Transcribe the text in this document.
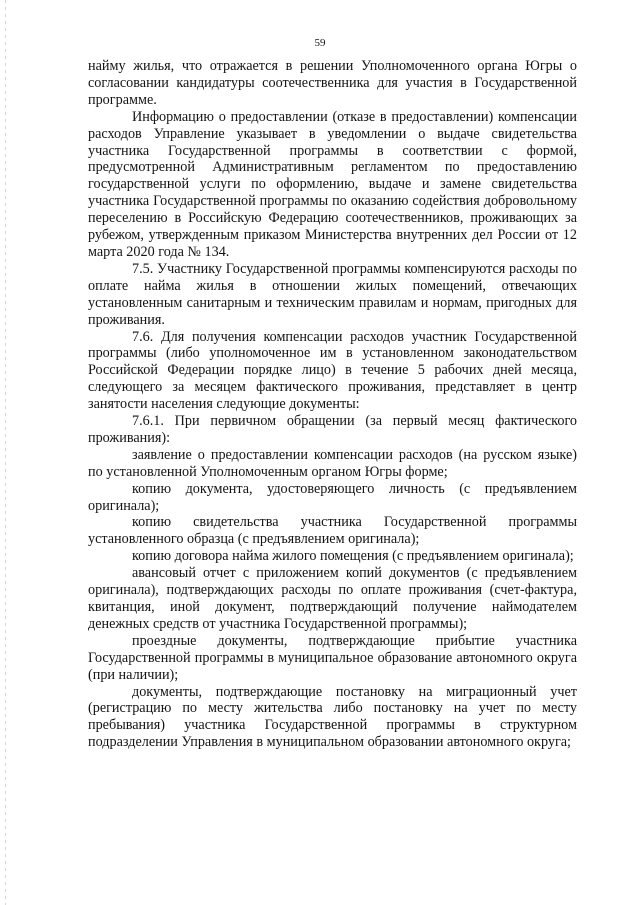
59

найму жилья, что отражается в решении Уполномоченного органа Югры о согласовании кандидатуры соотечественника для участия в Государственной программе.

Информацию о предоставлении (отказе в предоставлении) компенсации расходов Управление указывает в уведомлении о выдаче свидетельства участника Государственной программы в соответствии с формой, предусмотренной Административным регламентом по предоставлению государственной услуги по оформлению, выдаче и замене свидетельства участника Государственной программы по оказанию содействия добровольному переселению в Российскую Федерацию соотечественников, проживающих за рубежом, утвержденным приказом Министерства внутренних дел России от 12 марта 2020 года № 134.

7.5. Участнику Государственной программы компенсируются расходы по оплате найма жилья в отношении жилых помещений, отвечающих установленным санитарным и техническим правилам и нормам, пригодных для проживания.

7.6. Для получения компенсации расходов участник Государственной программы (либо уполномоченное им в установленном законодательством Российской Федерации порядке лицо) в течение 5 рабочих дней месяца, следующего за месяцем фактического проживания, представляет в центр занятости населения следующие документы:

7.6.1. При первичном обращении (за первый месяц фактического проживания):

заявление о предоставлении компенсации расходов (на русском языке) по установленной Уполномоченным органом Югры форме;

копию документа, удостоверяющего личность (с предъявлением оригинала);

копию свидетельства участника Государственной программы установленного образца (с предъявлением оригинала);

копию договора найма жилого помещения (с предъявлением оригинала);

авансовый отчет с приложением копий документов (с предъявлением оригинала), подтверждающих расходы по оплате проживания (счет-фактура, квитанция, иной документ, подтверждающий получение наймодателем денежных средств от участника Государственной программы);

проездные документы, подтверждающие прибытие участника Государственной программы в муниципальное образование автономного округа (при наличии);

документы, подтверждающие постановку на миграционный учет (регистрацию по месту жительства либо постановку на учет по месту пребывания) участника Государственной программы в структурном подразделении Управления в муниципальном образовании автономного округа;
